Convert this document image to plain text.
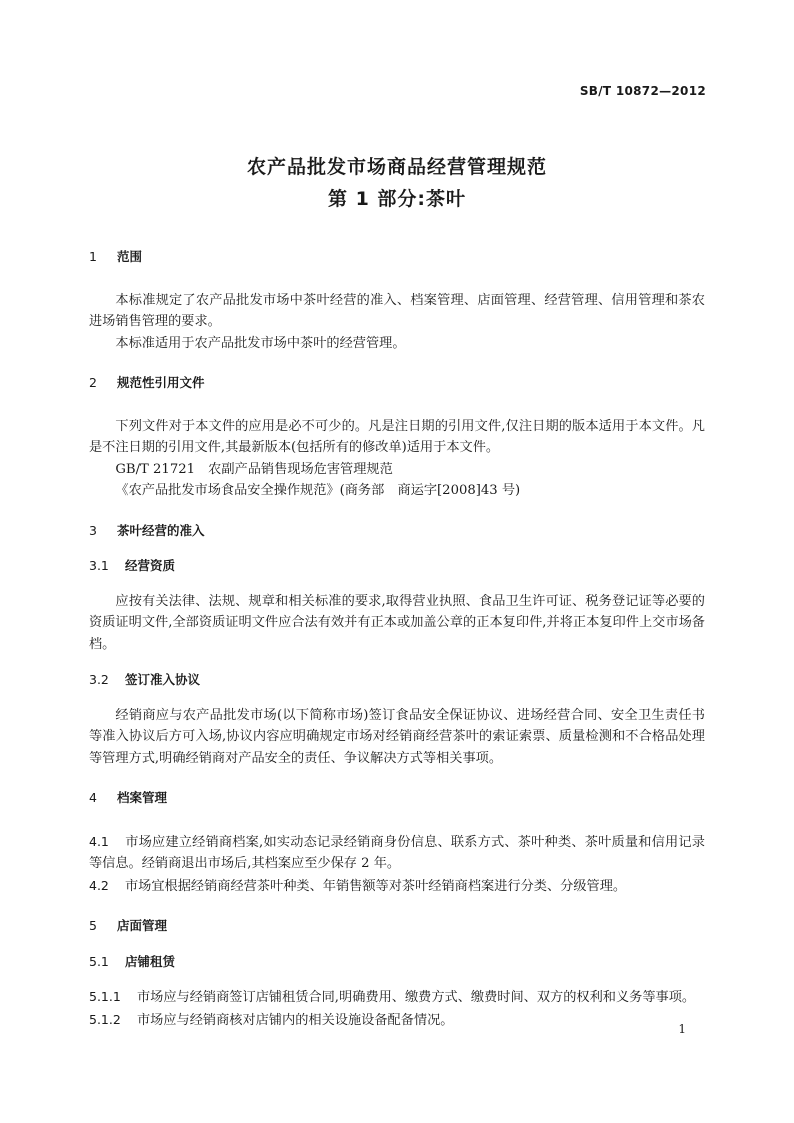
SB/T 10872—2012
农产品批发市场商品经营管理规范
第 1 部分:茶叶

1 范围

本标准规定了农产品批发市场中茶叶经营的准入、档案管理、店面管理、经营管理、信用管理和茶农进场销售管理的要求。

本标准适用于农产品批发市场中茶叶的经营管理。

2 规范性引用文件

下列文件对于本文件的应用是必不可少的。凡是注日期的引用文件,仅注日期的版本适用于本文件。凡是不注日期的引用文件,其最新版本(包括所有的修改单)适用于本文件。

GB/T 21721　农副产品销售现场危害管理规范

《农产品批发市场食品安全操作规范》(商务部　商运字[2008]43 号)

3 茶叶经营的准入

3.1 经营资质

应按有关法律、法规、规章和相关标准的要求,取得营业执照、食品卫生许可证、税务登记证等必要的资质证明文件,全部资质证明文件应合法有效并有正本或加盖公章的正本复印件,并将正本复印件上交市场备档。

3.2 签订准入协议

经销商应与农产品批发市场(以下简称市场)签订食品安全保证协议、进场经营合同、安全卫生责任书等准入协议后方可入场,协议内容应明确规定市场对经销商经营茶叶的索证索票、质量检测和不合格品处理等管理方式,明确经销商对产品安全的责任、争议解决方式等相关事项。

4 档案管理

4.1 市场应建立经销商档案,如实动态记录经销商身份信息、联系方式、茶叶种类、茶叶质量和信用记录等信息。经销商退出市场后,其档案应至少保存 2 年。

4.2 市场宜根据经销商经营茶叶种类、年销售额等对茶叶经销商档案进行分类、分级管理。

5 店面管理

5.1 店铺租赁

5.1.1 市场应与经销商签订店铺租赁合同,明确费用、缴费方式、缴费时间、双方的权利和义务等事项。

5.1.2 市场应与经销商核对店铺内的相关设施设备配备情况。

1
